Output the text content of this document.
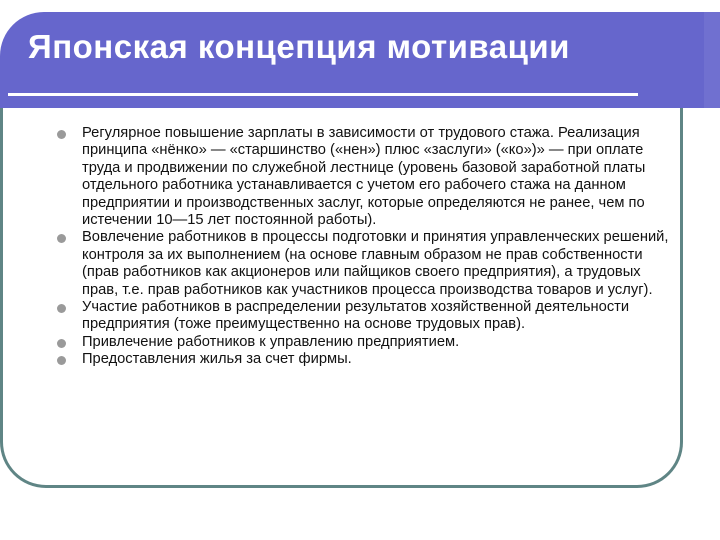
Японская концепция мотивации
Регулярное повышение зарплаты в зависимости от трудового стажа. Реализация принципа «нёнко» — «старшинство («нен») плюс «заслуги» («ко»)» — при оплате труда и продвижении по служебной лестнице (уровень базовой заработной платы отдельного работника устанавливается с учетом его рабочего стажа на данном предприятии и производственных заслуг, которые определяются не ранее, чем по истечении 10—15 лет постоянной работы).
Вовлечение работников в процессы подготовки и принятия управленческих решений, контроля за их выполнением (на основе главным образом не прав собственности (прав работников как акционеров или пайщиков своего предприятия), а трудовых прав, т.е. прав работников как участников процесса производства товаров и услуг).
Участие работников в распределении результатов хозяйственной деятельности предприятия (тоже преимущественно на основе трудовых прав).
Привлечение работников к управлению предприятием.
Предоставления жилья за счет фирмы.
